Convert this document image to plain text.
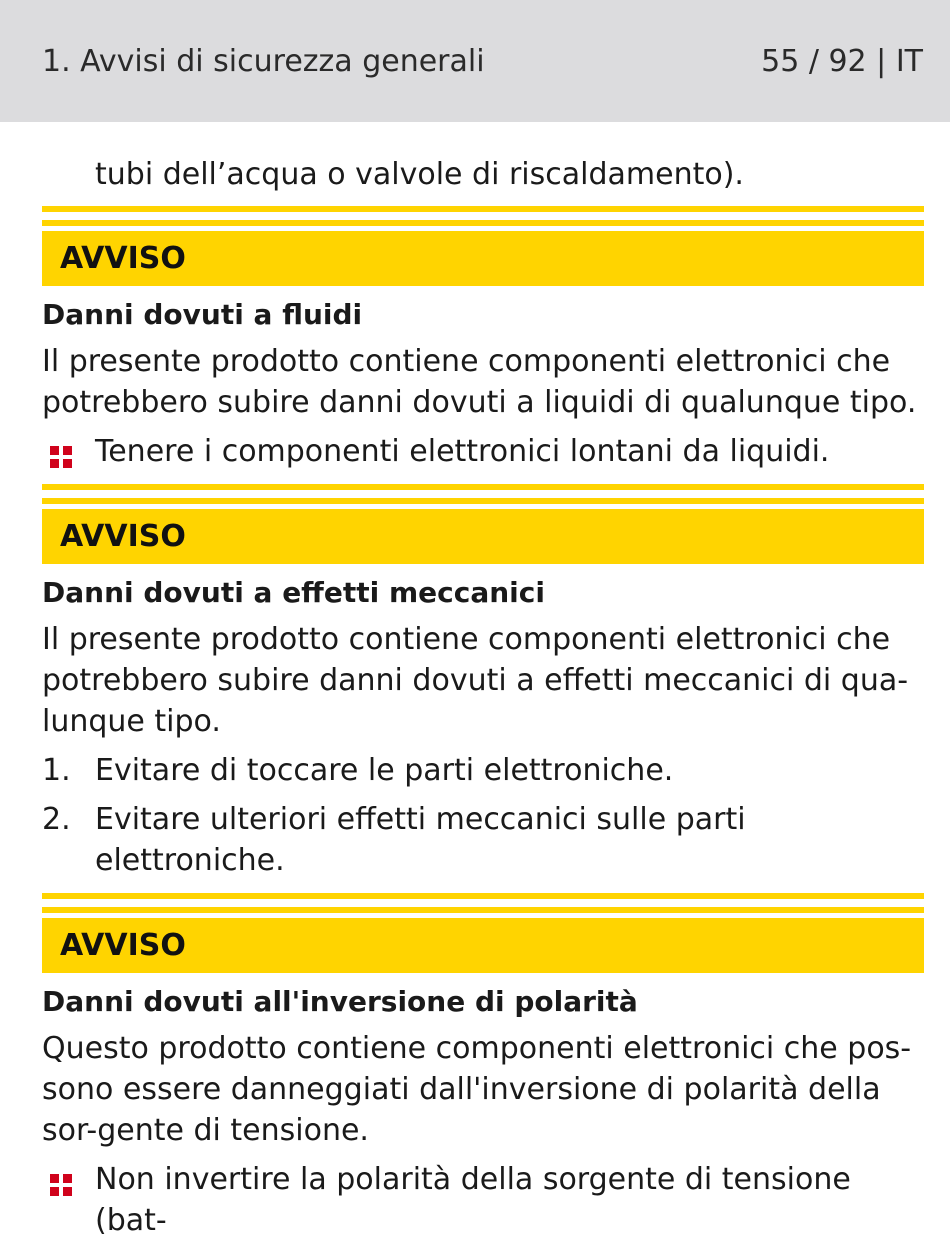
1. Avvisi di sicurezza generali	55 / 92 | IT
tubi dell’acqua o valvole di riscaldamento).
AVVISO
Danni dovuti a fluidi
Il presente prodotto contiene componenti elettronici che potrebbero subire danni dovuti a liquidi di qualunque tipo.
Tenere i componenti elettronici lontani da liquidi.
AVVISO
Danni dovuti a effetti meccanici
Il presente prodotto contiene componenti elettronici che potrebbero subire danni dovuti a effetti meccanici di qua-lunque tipo.
1. Evitare di toccare le parti elettroniche.
2. Evitare ulteriori effetti meccanici sulle parti elettroniche.
AVVISO
Danni dovuti all'inversione di polarità
Questo prodotto contiene componenti elettronici che pos-sono essere danneggiati dall'inversione di polarità della sor-gente di tensione.
Non invertire la polarità della sorgente di tensione (bat-
